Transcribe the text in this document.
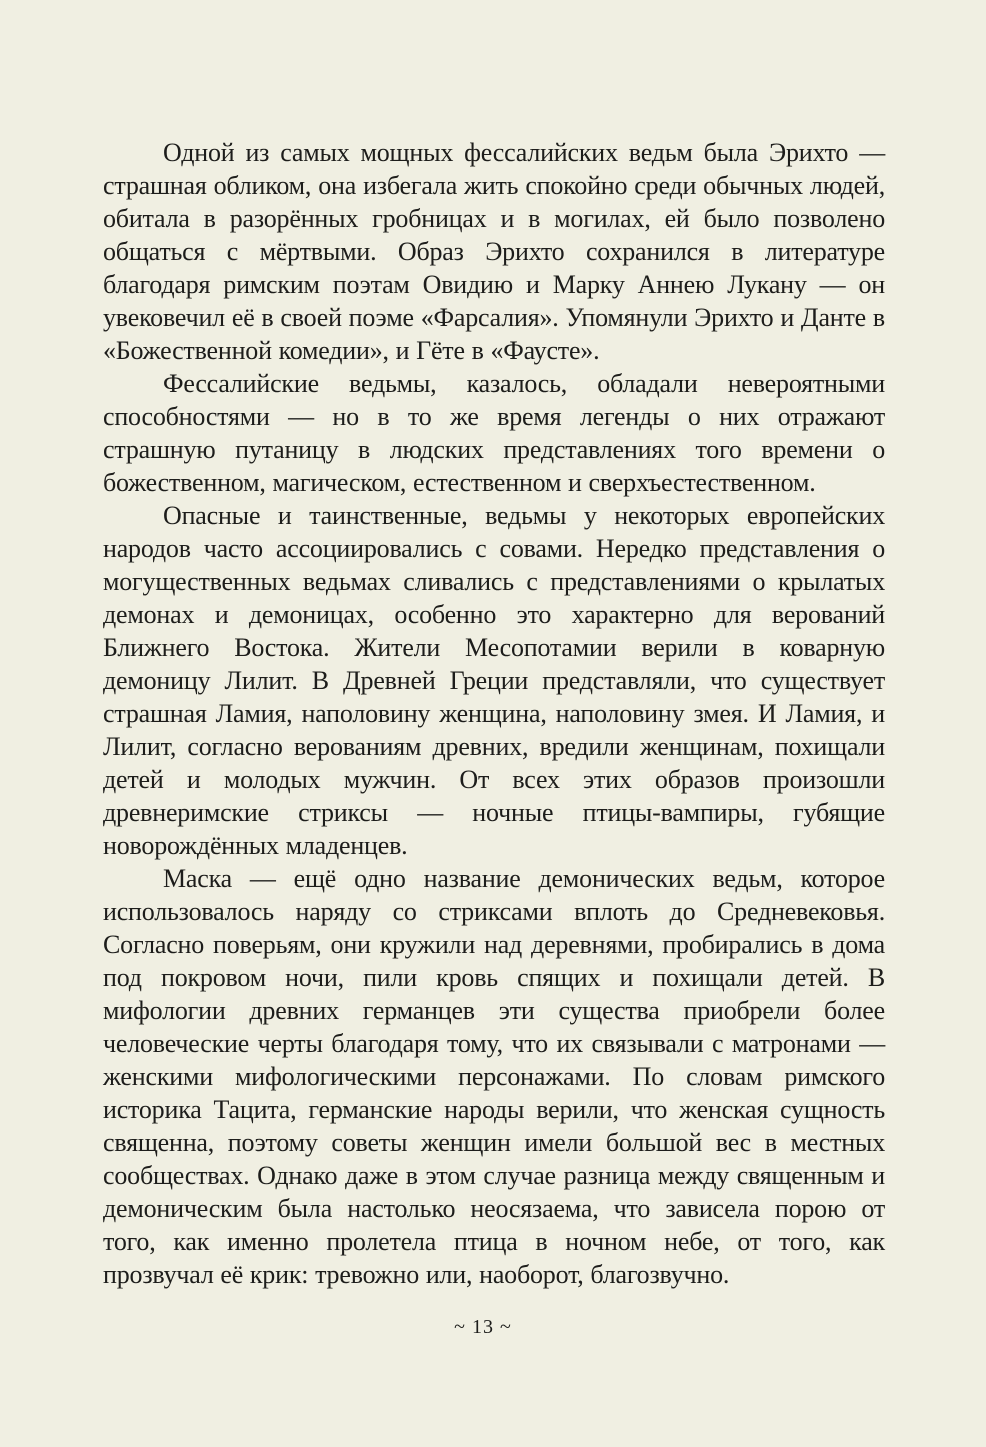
Одной из самых мощных фессалийских ведьм была Эрихто — страшная обликом, она избегала жить спокойно среди обычных людей, обитала в разорённых гробницах и в могилах, ей было позволено общаться с мёртвыми. Образ Эрихто сохранился в литературе благодаря римским поэтам Овидию и Марку Аннею Лукану — он увековечил её в своей поэме «Фарсалия». Упомянули Эрихто и Данте в «Божественной комедии», и Гёте в «Фаусте».

Фессалийские ведьмы, казалось, обладали невероятными способностями — но в то же время легенды о них отражают страшную путаницу в людских представлениях того времени о божественном, магическом, естественном и сверхъестественном.

Опасные и таинственные, ведьмы у некоторых европейских народов часто ассоциировались с совами. Нередко представления о могущественных ведьмах сливались с представлениями о крылатых демонах и демоницах, особенно это характерно для верований Ближнего Востока. Жители Месопотамии верили в коварную демоницу Лилит. В Древней Греции представляли, что существует страшная Ламия, наполовину женщина, наполовину змея. И Ламия, и Лилит, согласно верованиям древних, вредили женщинам, похищали детей и молодых мужчин. От всех этих образов произошли древнеримские стриксы — ночные птицы-вампиры, губящие новорождённых младенцев.

Маска — ещё одно название демонических ведьм, которое использовалось наряду со стриксами вплоть до Средневековья. Согласно поверьям, они кружили над деревнями, пробирались в дома под покровом ночи, пили кровь спящих и похищали детей. В мифологии древних германцев эти существа приобрели более человеческие черты благодаря тому, что их связывали с матронами — женскими мифологическими персонажами. По словам римского историка Тацита, германские народы верили, что женская сущность священна, поэтому советы женщин имели большой вес в местных сообществах. Однако даже в этом случае разница между священным и демоническим была настолько неосязаема, что зависела порою от того, как именно пролетела птица в ночном небе, от того, как прозвучал её крик: тревожно или, наоборот, благозвучно.

~ 13 ~
